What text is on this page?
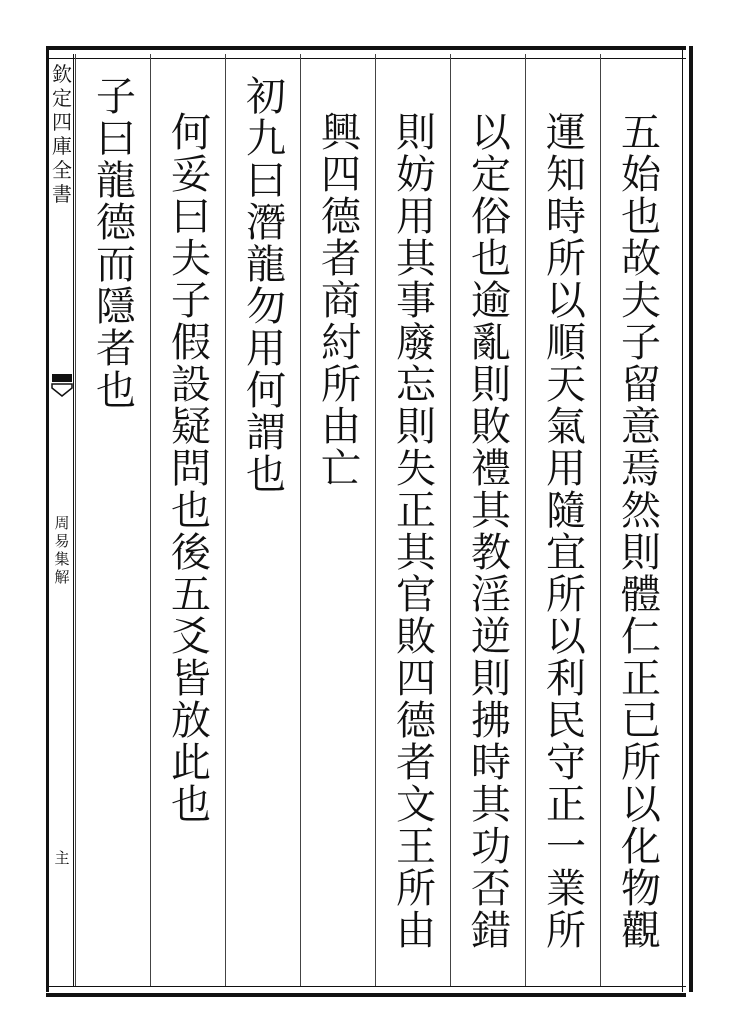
欽
定
四
庫
全
書
周
易
集
解
主
五
始
也
故
夫
子
留
意
焉
然
則
體
仁
正
已
所
以
化
物
觀
運
知
時
所
以
順
天
氣
用
隨
宜
所
以
利
民
守
正
一
業
所
以
定
俗
也
逾
亂
則
敗
禮
其
教
淫
逆
則
拂
時
其
功
否
錯
則
妨
用
其
事
廢
忘
則
失
正
其
官
敗
四
德
者
文
王
所
由
興
四
德
者
商
紂
所
由
亡
初
九
曰
潛
龍
勿
用
何
謂
也
何
妥
曰
夫
子
假
設
疑
問
也
後
五
爻
皆
放
此
也
子
曰
龍
德
而
隱
者
也
